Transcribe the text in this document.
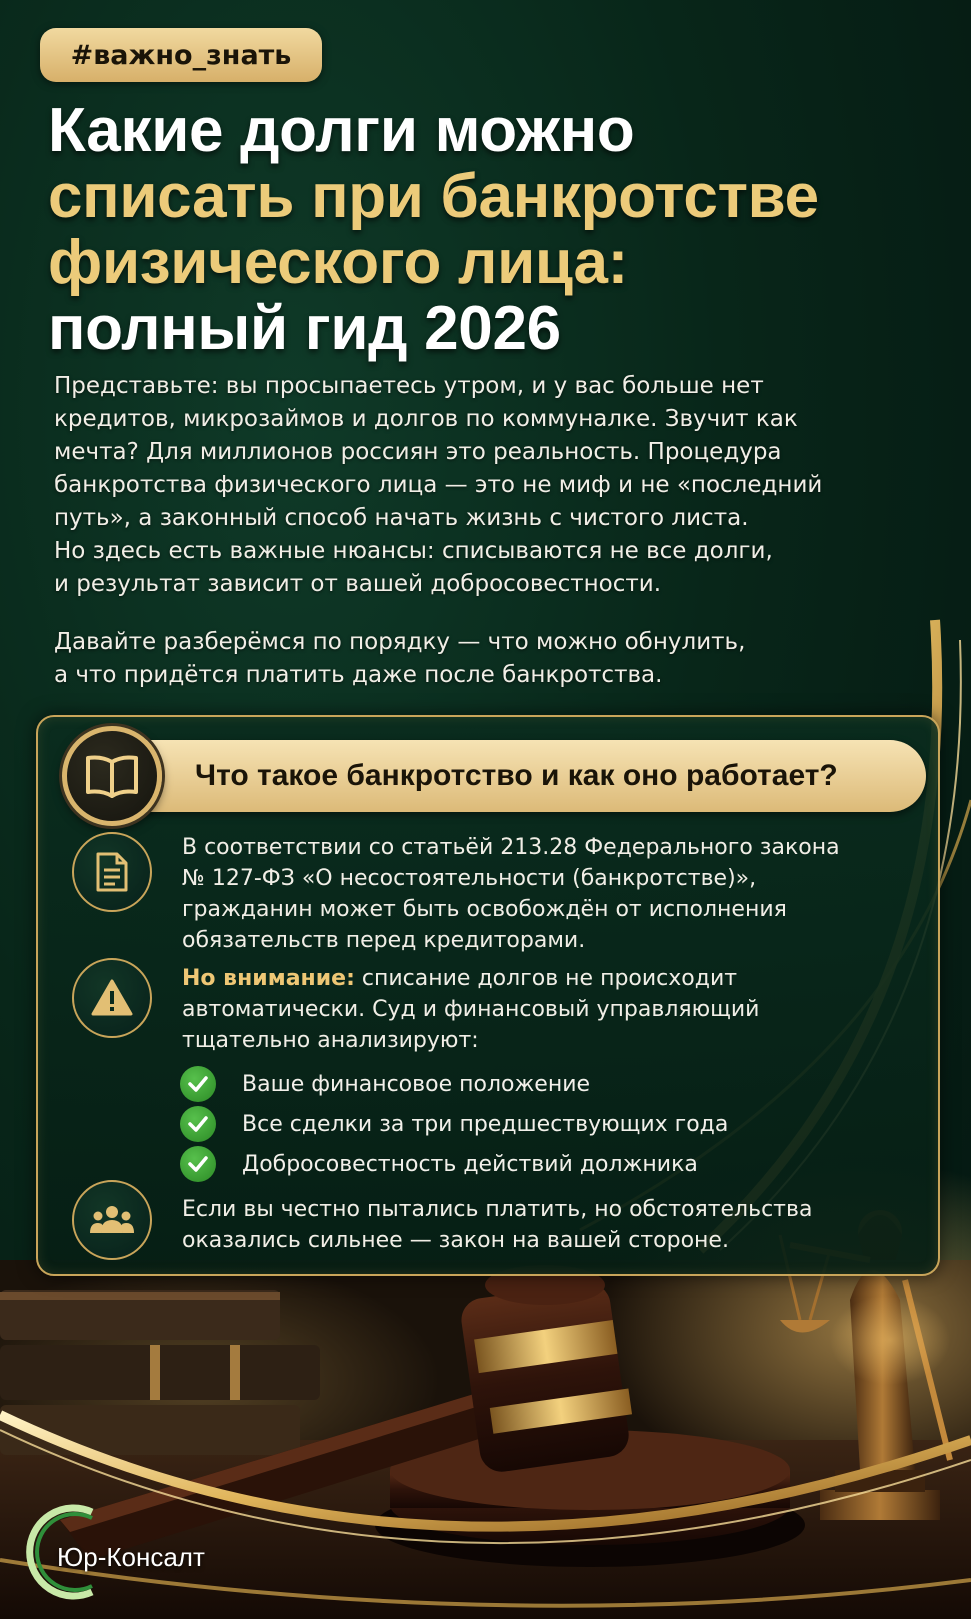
#важно_знать
Какие долги можно
списать при банкротстве
физического лица:
полный гид 2026

Представьте: вы просыпаетесь утром, и у вас больше нет

кредитов, микрозаймов и долгов по коммуналке. Звучит как

мечта? Для миллионов россиян это реальность. Процедура

банкротства физического лица — это не миф и не «последний

путь», а законный способ начать жизнь с чистого листа.

Но здесь есть важные нюансы: списываются не все долги,

и результат зависит от вашей добросовестности.

Давайте разберёмся по порядку — что можно обнулить,

а что придётся платить даже после банкротства.

Что такое банкротство и как оно работает?

В соответствии со статьёй 213.28 Федерального закона

№ 127-ФЗ «О несостоятельности (банкротстве)»,

гражданин может быть освобождён от исполнения

обязательств перед кредиторами.

Но внимание: списание долгов не происходит

автоматически. Суд и финансовый управляющий

тщательно анализируют:

Ваше финансовое положение
Все сделки за три предшествующих года
Добросовестность действий должника

Если вы честно пытались платить, но обстоятельства

оказались сильнее — закон на вашей стороне.

Юр-Консалт
